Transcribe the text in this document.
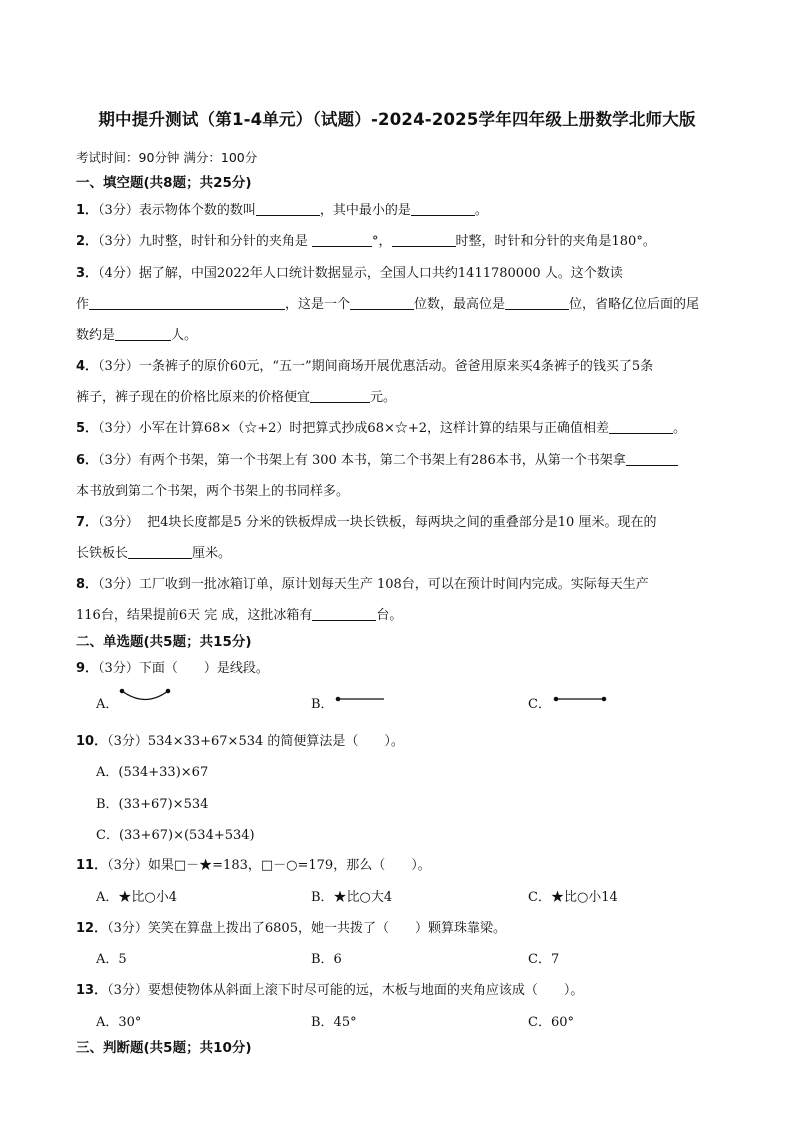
期中提升测试（第1-4单元）（试题）-2024-2025学年四年级上册数学北师大版
考试时间：90分钟 满分：100分
一、填空题(共8题；共25分)
1．（3分）表示物体个数的数叫	，其中最小的是	。
2．（3分）九时整，时针和分针的夹角是	°，	时整，时针和分针的夹角是180°。
3．（4分）据了解，中国2022年人口统计数据显示，全国人口共约1411780000 人。这个数读
作	，这是一个	位数，最高位是	位，省略亿位后面的尾
数约是	人。
4．（3分）一条裤子的原价60元，“五一”期间商场开展优惠活动。爸爸用原来买4条裤子的钱买了5条
裤子，裤子现在的价格比原来的价格便宜	元。
5．（3分）小军在计算68×（☆+2）时把算式抄成68×☆+2，这样计算的结果与正确值相差	。
6．（3分）有两个书架，第一个书架上有 300 本书，第二个书架上有286本书，从第一个书架拿
本书放到第二个书架，两个书架上的书同样多。
7．（3分） 把4块长度都是5 分米的铁板焊成一块长铁板，每两块之间的重叠部分是10 厘米。现在的
长铁板长	厘米。
8．（3分）工厂收到一批冰箱订单，原计划每天生产 108台，可以在预计时间内完成。实际每天生产
116台，结果提前6天 完 成，这批冰箱有	台。
二、单选题(共5题；共15分)
9．（3分）下面（　　）是线段。
A．	B．	C．
10．（3分）534×33+67×534 的简便算法是（　　）。
A．(534+33)×67
B．(33+67)×534
C．(33+67)×(534+534)
11．（3分）如果□－★=183，□－○=179，那么（　　）。
A．★比○小4	B．★比○大4	C．★比○小14
12．（3分）笑笑在算盘上拨出了6805，她一共拨了（　　）颗算珠靠梁。
A．5	B．6	C．7
13．（3分）要想使物体从斜面上滚下时尽可能的远，木板与地面的夹角应该成（　　）。
A．30°	B．45°	C．60°
三、判断题(共5题；共10分)
